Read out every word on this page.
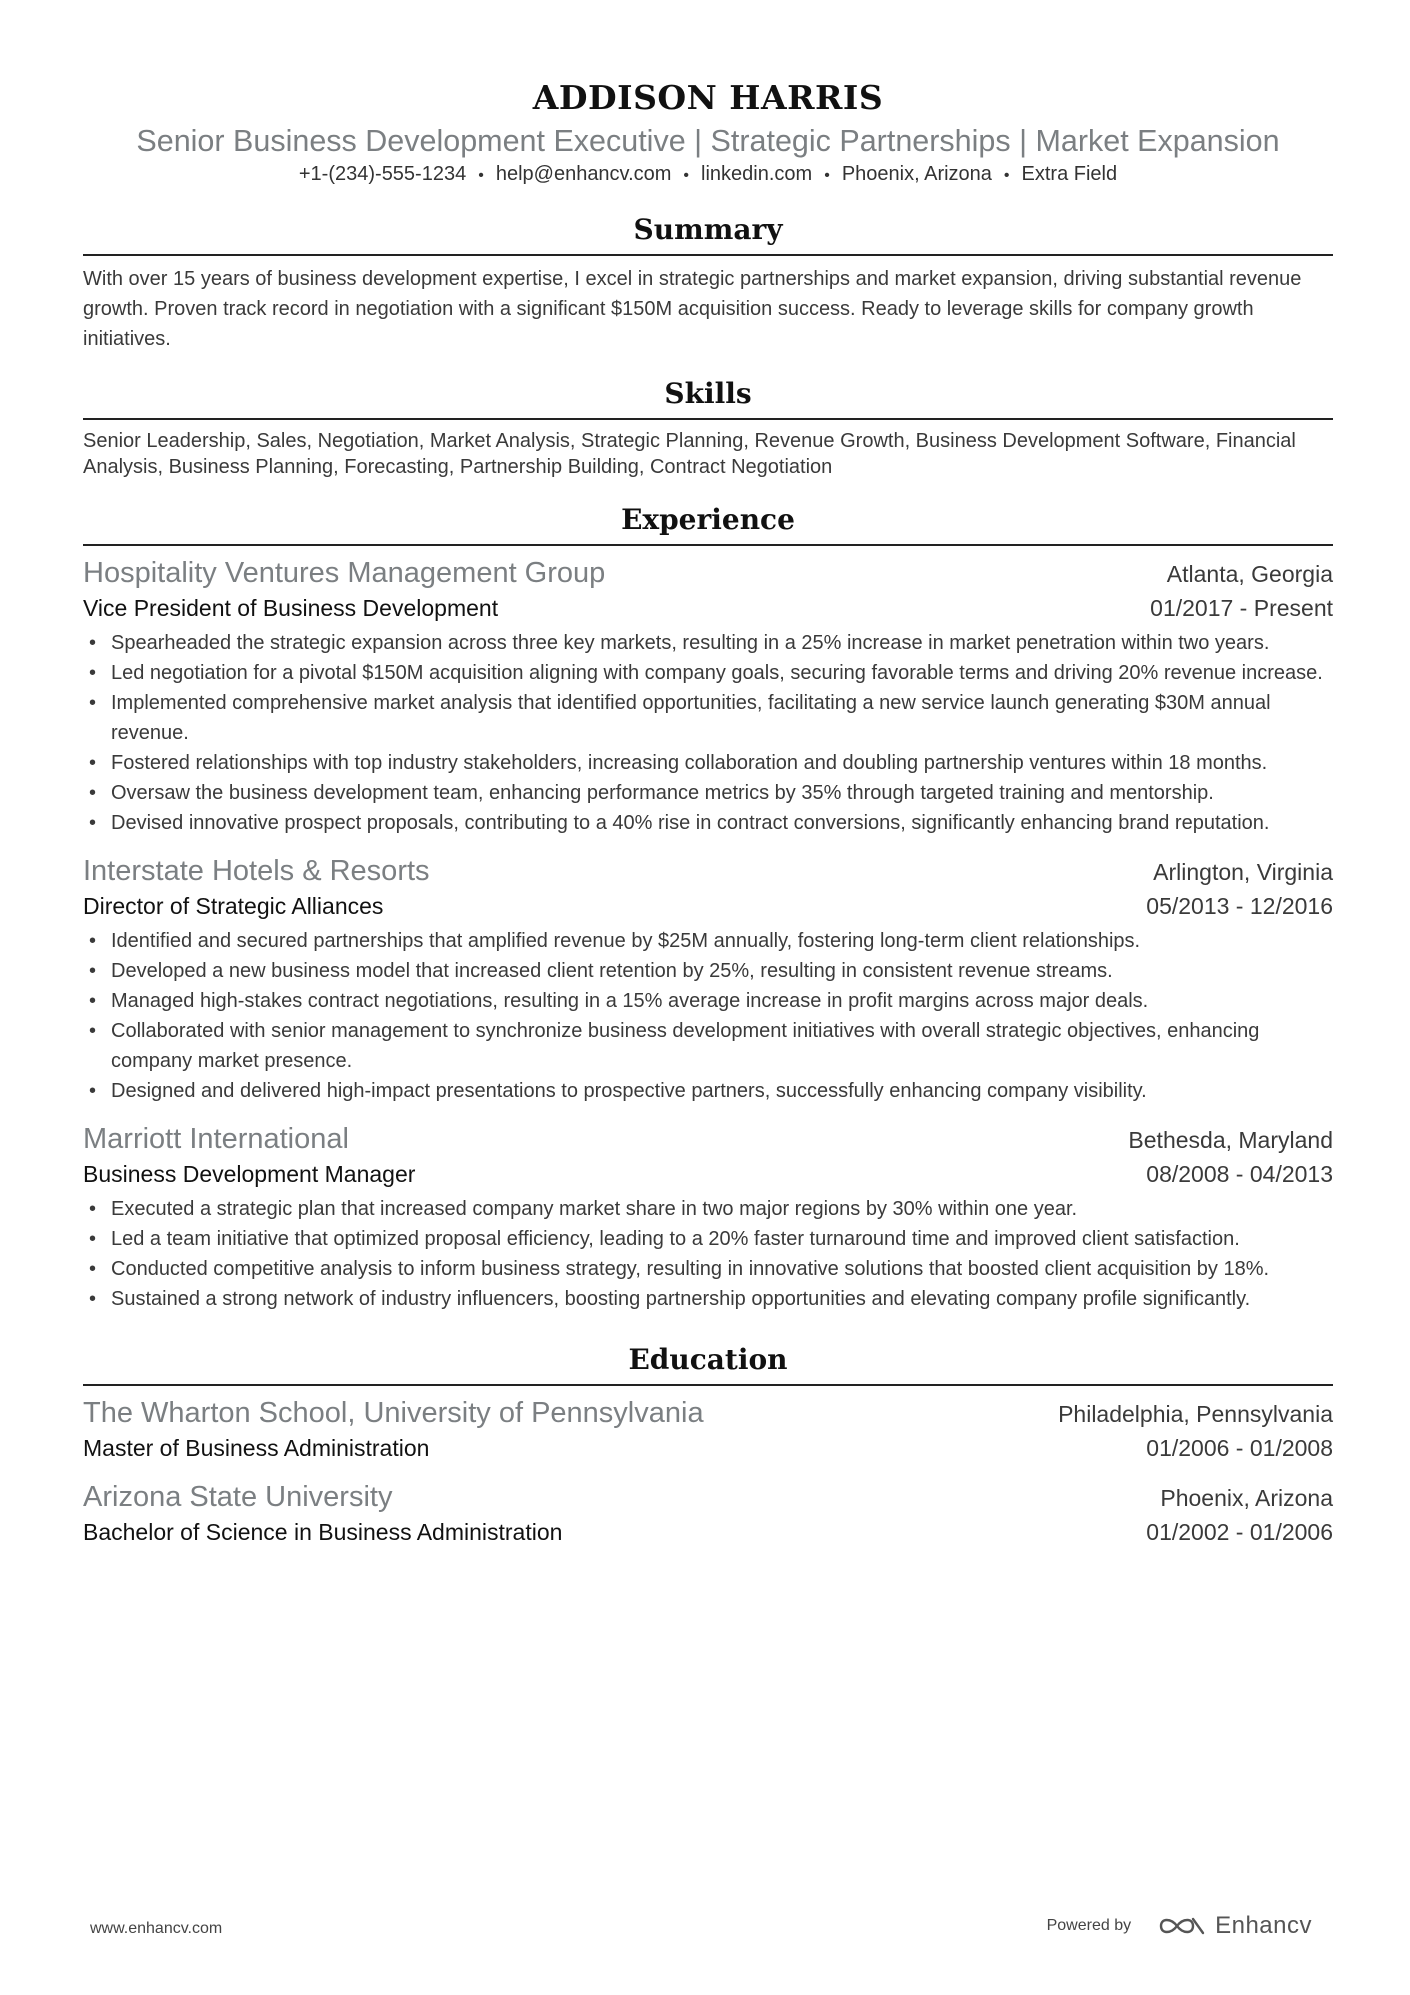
ADDISON HARRIS
Senior Business Development Executive | Strategic Partnerships | Market Expansion
+1-(234)-555-1234 • help@enhancv.com • linkedin.com • Phoenix, Arizona • Extra Field
Summary
With over 15 years of business development expertise, I excel in strategic partnerships and market expansion, driving substantial revenue growth. Proven track record in negotiation with a significant $150M acquisition success. Ready to leverage skills for company growth initiatives.
Skills
Senior Leadership, Sales, Negotiation, Market Analysis, Strategic Planning, Revenue Growth, Business Development Software, Financial Analysis, Business Planning, Forecasting, Partnership Building, Contract Negotiation
Experience
Hospitality Ventures Management Group	Atlanta, Georgia
Vice President of Business Development	01/2017 - Present
• Spearheaded the strategic expansion across three key markets, resulting in a 25% increase in market penetration within two years.
• Led negotiation for a pivotal $150M acquisition aligning with company goals, securing favorable terms and driving 20% revenue increase.
• Implemented comprehensive market analysis that identified opportunities, facilitating a new service launch generating $30M annual revenue.
• Fostered relationships with top industry stakeholders, increasing collaboration and doubling partnership ventures within 18 months.
• Oversaw the business development team, enhancing performance metrics by 35% through targeted training and mentorship.
• Devised innovative prospect proposals, contributing to a 40% rise in contract conversions, significantly enhancing brand reputation.
Interstate Hotels & Resorts	Arlington, Virginia
Director of Strategic Alliances	05/2013 - 12/2016
• Identified and secured partnerships that amplified revenue by $25M annually, fostering long-term client relationships.
• Developed a new business model that increased client retention by 25%, resulting in consistent revenue streams.
• Managed high-stakes contract negotiations, resulting in a 15% average increase in profit margins across major deals.
• Collaborated with senior management to synchronize business development initiatives with overall strategic objectives, enhancing company market presence.
• Designed and delivered high-impact presentations to prospective partners, successfully enhancing company visibility.
Marriott International	Bethesda, Maryland
Business Development Manager	08/2008 - 04/2013
• Executed a strategic plan that increased company market share in two major regions by 30% within one year.
• Led a team initiative that optimized proposal efficiency, leading to a 20% faster turnaround time and improved client satisfaction.
• Conducted competitive analysis to inform business strategy, resulting in innovative solutions that boosted client acquisition by 18%.
• Sustained a strong network of industry influencers, boosting partnership opportunities and elevating company profile significantly.
Education
The Wharton School, University of Pennsylvania	Philadelphia, Pennsylvania
Master of Business Administration	01/2006 - 01/2008
Arizona State University	Phoenix, Arizona
Bachelor of Science in Business Administration	01/2002 - 01/2006
www.enhancv.com	Powered by	Enhancv
